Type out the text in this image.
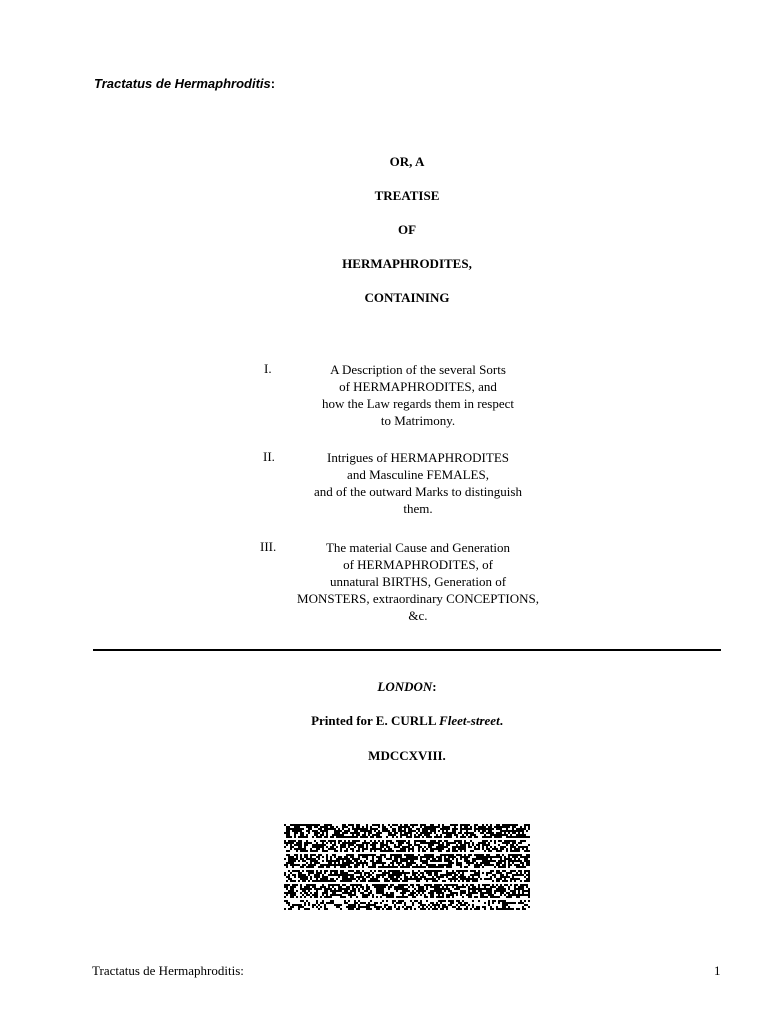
Tractatus de Hermaphroditis:
OR, A
TREATISE
OF
HERMAPHRODITES,
CONTAINING
I.	A Description of the several Sorts
of HERMAPHRODITES, and
how the Law regards them in respect
to Matrimony.
II.	Intrigues of HERMAPHRODITES
and Masculine FEMALES,
and of the outward Marks to distinguish
them.
III.	The material Cause and Generation
of HERMAPHRODITES, of
unnatural BIRTHS, Generation of
MONSTERS, extraordinary CONCEPTIONS,
&c.
LONDON:
Printed for E. CURLL Fleet-street.
MDCCXVIII.
Tractatus de Hermaphroditis:	1
